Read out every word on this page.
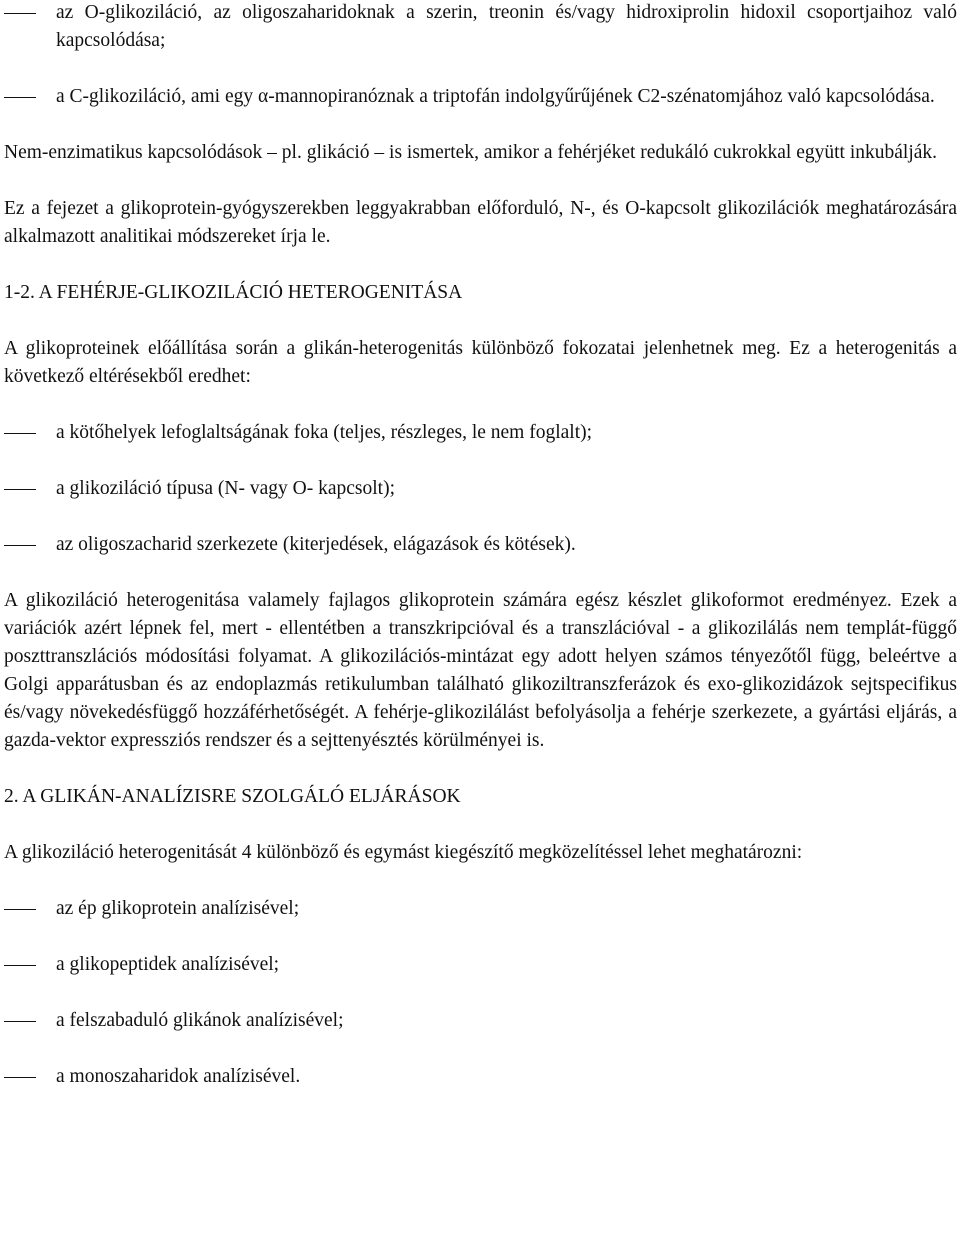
az O-glikoziláció, az oligoszaharidoknak a szerin, treonin és/vagy hidroxiprolin hidoxil csoportjaihoz való kapcsolódása;
a C-glikoziláció, ami egy α-mannopiranóznak a triptofán indolgyűrűjének C2-szénatomjához való kapcsolódása.

Nem-enzimatikus kapcsolódások – pl. glikáció – is ismertek, amikor a fehérjéket redukáló cukrokkal együtt inkubálják.

Ez a fejezet a glikoprotein-gyógyszerekben leggyakrabban előforduló, N-, és O-kapcsolt glikozilációk meghatározására alkalmazott analitikai módszereket írja le.

1-2. A FEHÉRJE-GLIKOZILÁCIÓ HETEROGENITÁSA

A glikoproteinek előállítása során a glikán-heterogenitás különböző fokozatai jelenhetnek meg. Ez a heterogenitás a következő eltérésekből eredhet:

a kötőhelyek lefoglaltságának foka (teljes, részleges, le nem foglalt);
a glikoziláció típusa (N- vagy O- kapcsolt);
az oligoszacharid szerkezete (kiterjedések, elágazások és kötések).

A glikoziláció heterogenitása valamely fajlagos glikoprotein számára egész készlet glikoformot eredményez. Ezek a variációk azért lépnek fel, mert - ellentétben a transzkripcióval és a transzlációval - a glikozilálás nem templát-függő poszttranszlációs módosítási folyamat. A glikozilációs-mintázat egy adott helyen számos tényezőtől függ, beleértve a Golgi apparátusban és az endoplazmás retikulumban található glikoziltranszferázok és exo-glikozidázok sejtspecifikus és/vagy növekedésfüggő hozzáférhetőségét. A fehérje-glikozilálást befolyásolja a fehérje szerkezete, a gyártási eljárás, a gazda-vektor expressziós rendszer és a sejttenyésztés körülményei is.

2. A GLIKÁN-ANALÍZISRE SZOLGÁLÓ ELJÁRÁSOK

A glikoziláció heterogenitását 4 különböző és egymást kiegészítő megközelítéssel lehet meghatározni:

az ép glikoprotein analízisével;
a glikopeptidek analízisével;
a felszabaduló glikánok analízisével;
a monoszaharidok analízisével.
